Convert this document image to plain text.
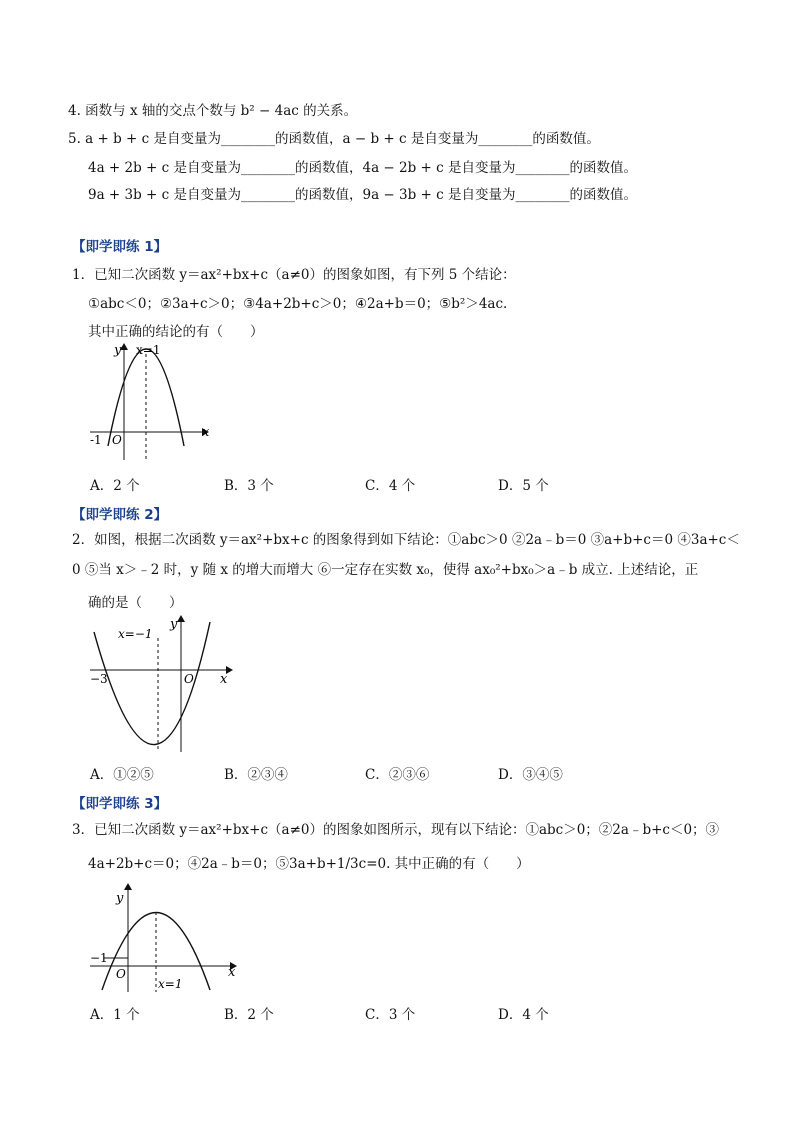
4. 函数与 x 轴的交点个数与 b² − 4ac 的关系。
5. a + b + c 是自变量为________的函数值，a − b + c 是自变量为________的函数值。
4a + 2b + c 是自变量为________的函数值，4a − 2b + c 是自变量为________的函数值。
9a + 3b + c 是自变量为________的函数值，9a − 3b + c 是自变量为________的函数值。
【即学即练 1】
1．已知二次函数 y＝ax²+bx+c（a≠0）的图象如图，有下列 5 个结论：
①abc＜0；②3a+c＞0；③4a+2b+c＞0；④2a+b＝0；⑤b²＞4ac.
其中正确的结论的有（　　）
x
y
O
-1
x=1
A．2 个	B．3 个	C．4 个	D．5 个
【即学即练 2】
2．如图，根据二次函数 y＝ax²+bx+c 的图象得到如下结论：①abc＞0 ②2a﹣b＝0 ③a+b+c＝0 ④3a+c＜
0 ⑤当 x＞﹣2 时，y 随 x 的增大而增大 ⑥一定存在实数 x₀，使得 ax₀²+bx₀＞a﹣b 成立. 上述结论，正
确的是（　　）
x
y
O
−3
x=−1
A．①②⑤	B．②③④	C．②③⑥	D．③④⑤
【即学即练 3】
3．已知二次函数 y＝ax²+bx+c（a≠0）的图象如图所示，现有以下结论：①abc＞0；②2a﹣b+c＜0；③
4a+2b+c＝0；④2a﹣b＝0；⑤3a+b+1/3c=0. 其中正确的有（　　）
x
y
O
−1
x=1
A．1 个	B．2 个	C．3 个	D．4 个
